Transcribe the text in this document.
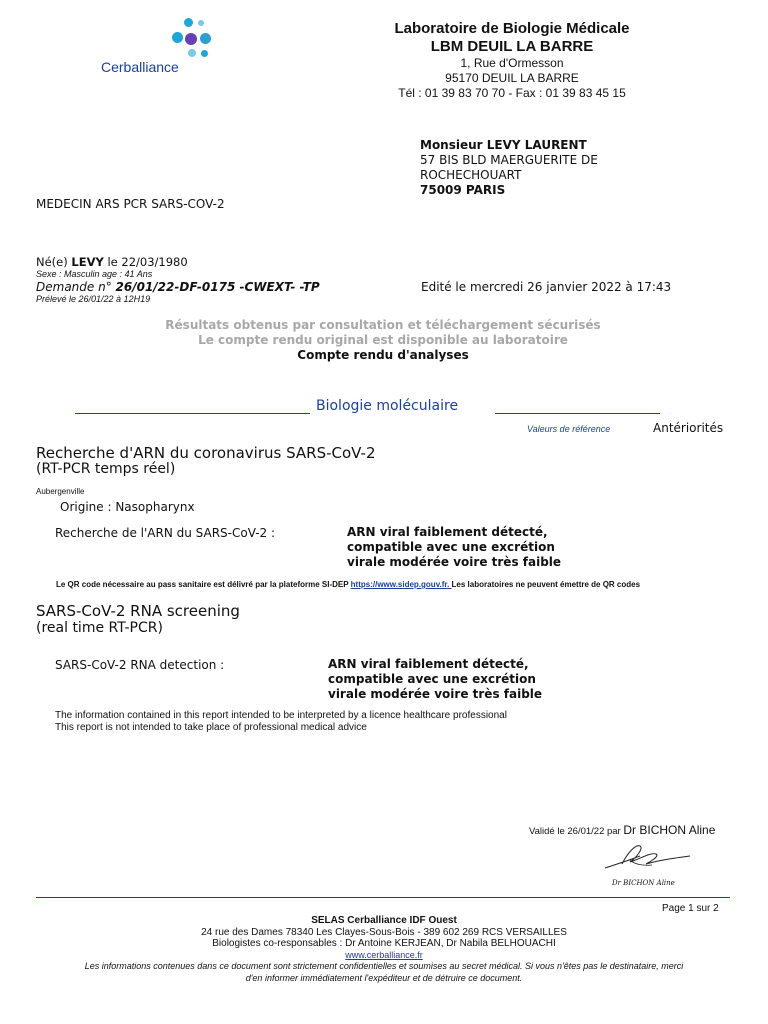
Cerballiance
Laboratoire de Biologie Médicale
LBM DEUIL LA BARRE
1, Rue d'Ormesson
95170 DEUIL LA BARRE
Tél : 01 39 83 70 70 - Fax : 01 39 83 45 15
Monsieur LEVY LAURENT
57 BIS BLD MAERGUERITE DE
ROCHECHOUART
75009 PARIS
MEDECIN ARS PCR SARS-COV-2
Né(e) LEVY le 22/03/1980
Sexe : Masculin age : 41 Ans
Demande n° 26/01/22-DF-0175 -CWEXT- -TP	Edité le mercredi 26 janvier 2022 à 17:43
Prélevé le 26/01/22 à 12H19
Résultats obtenus par consultation et téléchargement sécurisés
Le compte rendu original est disponible au laboratoire
Compte rendu d'analyses
Biologie moléculaire
Valeurs de référence	Antériorités
Recherche d'ARN du coronavirus SARS-CoV-2
(RT-PCR temps réel)
Aubergenville
Origine : Nasopharynx
Recherche de l'ARN du SARS-CoV-2 :	ARN viral faiblement détecté,
compatible avec une excrétion
virale modérée voire très faible
Le QR code nécessaire au pass sanitaire est délivré par la plateforme SI-DEP https://www.sidep.gouv.fr. Les laboratoires ne peuvent émettre de QR codes
SARS-CoV-2 RNA screening
(real time RT-PCR)
SARS-CoV-2 RNA detection :	ARN viral faiblement détecté,
compatible avec une excrétion
virale modérée voire très faible
The information contained in this report intended to be interpreted by a licence healthcare professional
This report is not intended to take place of professional medical advice
Validé le 26/01/22 par Dr BICHON Aline
Dr BICHON Aline
Page 1 sur 2
SELAS Cerballiance IDF Ouest
24 rue des Dames 78340 Les Clayes-Sous-Bois - 389 602 269 RCS VERSAILLES
Biologistes co-responsables : Dr Antoine KERJEAN, Dr Nabila BELHOUACHI
www.cerballiance.fr
Les informations contenues dans ce document sont strictement confidentielles et soumises au secret médical. Si vous n'êtes pas le destinataire, merci
d'en informer immédiatement l'expéditeur et de détruire ce document.
